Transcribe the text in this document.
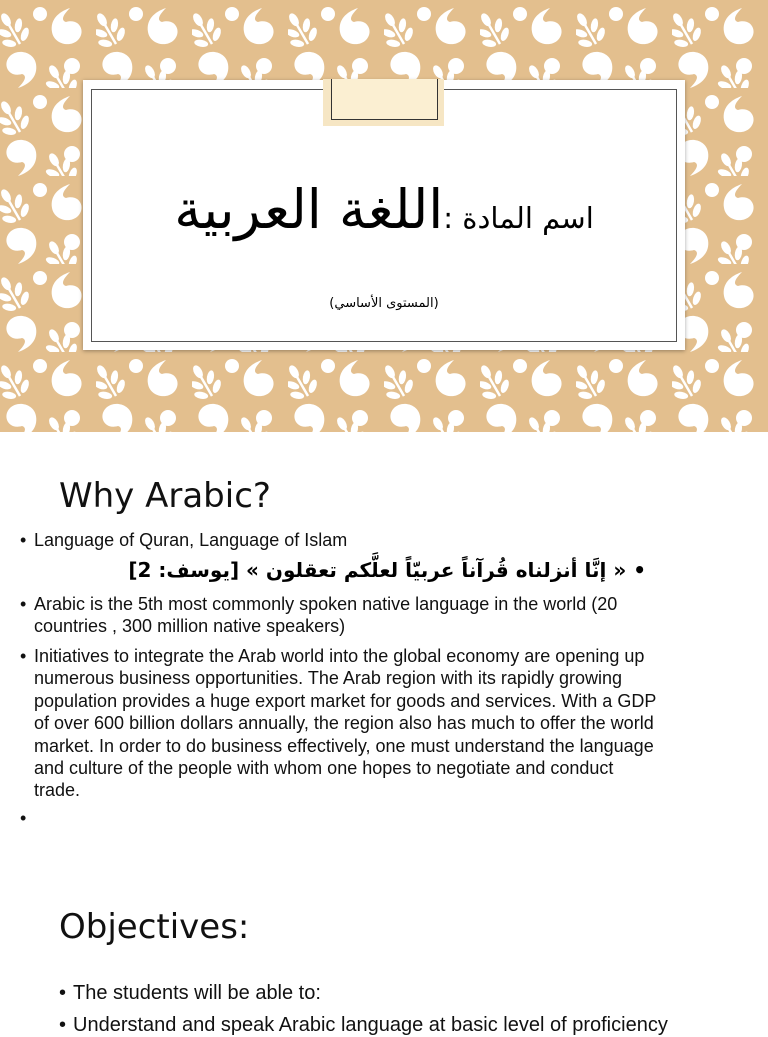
اسم المادة :اللغة العربية
(المستوى الأساسي)
Why Arabic?
• Language of Quran, Language of Islam
• « إنَّا أنزلناه قُرآناً عربيّاً لعلَّكم تعقلون » [يوسف: 2]
• Arabic is the 5th most commonly spoken native language in the world (20 countries , 300 million native speakers)
• Initiatives to integrate the Arab world into the global economy are opening up numerous business opportunities. The Arab region with its rapidly growing population provides a huge export market for goods and services. With a GDP of over 600 billion dollars annually, the region also has much to offer the world market. In order to do business effectively, one must understand the language and culture of the people with whom one hopes to negotiate and conduct trade.
•
Objectives:
• The students will be able to:
• Understand and speak Arabic language at basic level of proficiency
